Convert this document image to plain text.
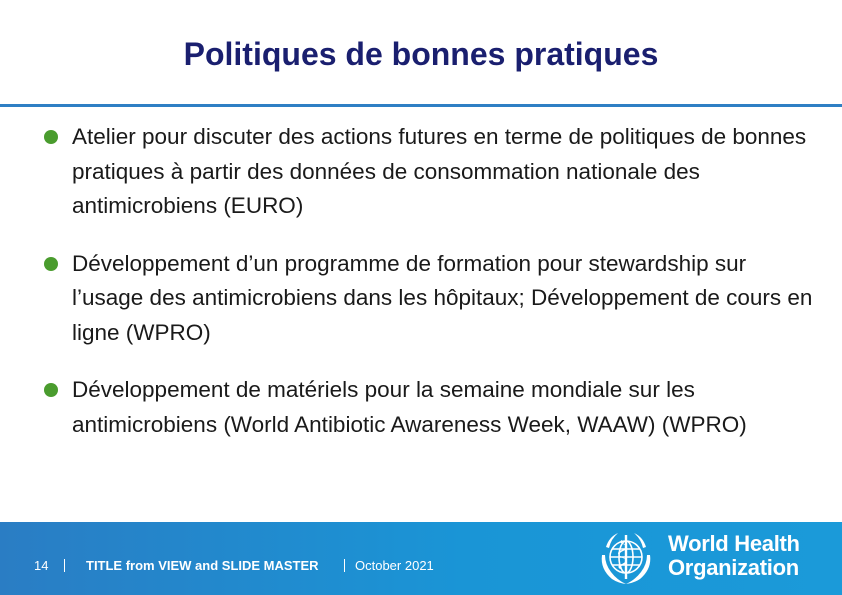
Politiques de bonnes pratiques
Atelier pour discuter des actions futures en terme de politiques de bonnes pratiques à partir des données de consommation nationale des antimicrobiens (EURO)
Développement d’un programme de formation pour stewardship sur l’usage des antimicrobiens dans les hôpitaux; Développement de cours en ligne (WPRO)
Développement de matériels pour la semaine mondiale sur les antimicrobiens (World Antibiotic Awareness Week, WAAW) (WPRO)
14	TITLE from VIEW and SLIDE MASTER	October 2021
World Health
Organization
